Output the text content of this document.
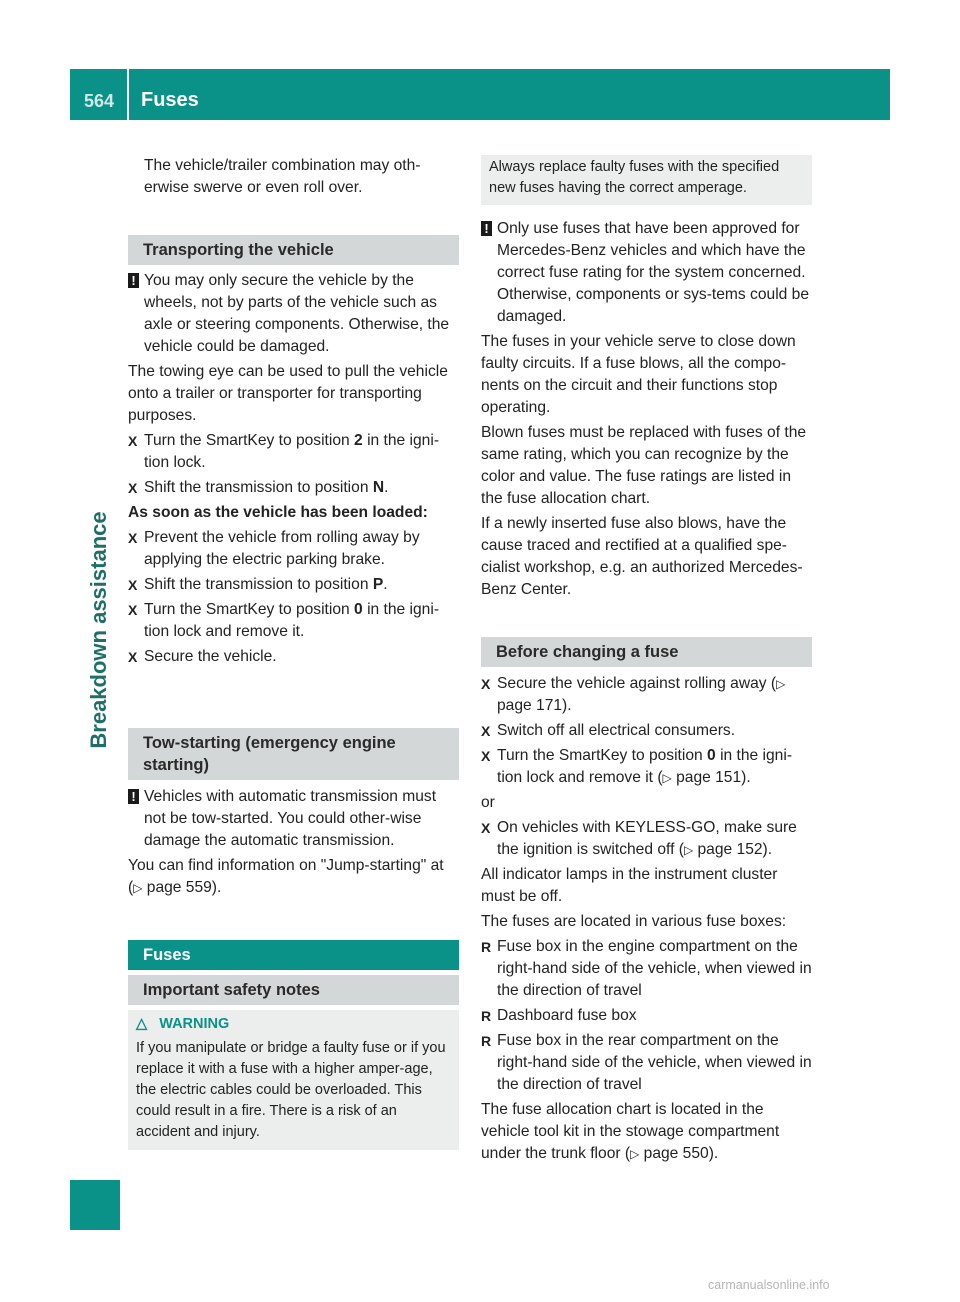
564 Fuses
Breakdown assistance

The vehicle/trailer combination may oth-erwise swerve or even roll over.

Transporting the vehicle
! You may only secure the vehicle by the wheels, not by parts of the vehicle such as axle or steering components. Otherwise, the vehicle could be damaged.

The towing eye can be used to pull the vehicle onto a trailer or transporter for transporting purposes.

X Turn the SmartKey to position 2 in the igni-tion lock.
X Shift the transmission to position N.

As soon as the vehicle has been loaded:

X Prevent the vehicle from rolling away by applying the electric parking brake.
X Shift the transmission to position P.
X Turn the SmartKey to position 0 in the igni-tion lock and remove it.
X Secure the vehicle.
Tow-starting (emergency engine starting)
! Vehicles with automatic transmission must not be tow-started. You could other-wise damage the automatic transmission.

You can find information on "Jump-starting" at (▷ page 559).

Fuses
Important safety notes
△ WARNING
If you manipulate or bridge a faulty fuse or if you replace it with a fuse with a higher amper-age, the electric cables could be overloaded. This could result in a fire. There is a risk of an accident and injury.
Always replace faulty fuses with the specified new fuses having the correct amperage.
! Only use fuses that have been approved for Mercedes-Benz vehicles and which have the correct fuse rating for the system concerned. Otherwise, components or sys-tems could be damaged.

The fuses in your vehicle serve to close down faulty circuits. If a fuse blows, all the compo-nents on the circuit and their functions stop operating.

Blown fuses must be replaced with fuses of the same rating, which you can recognize by the color and value. The fuse ratings are listed in the fuse allocation chart.

If a newly inserted fuse also blows, have the cause traced and rectified at a qualified spe-cialist workshop, e.g. an authorized Mercedes-Benz Center.

Before changing a fuse
X Secure the vehicle against rolling away (▷ page 171).
X Switch off all electrical consumers.
X Turn the SmartKey to position 0 in the igni-tion lock and remove it (▷ page 151).

or

X On vehicles with KEYLESS-GO, make sure the ignition is switched off (▷ page 152).

All indicator lamps in the instrument cluster must be off.

The fuses are located in various fuse boxes:

R Fuse box in the engine compartment on the right-hand side of the vehicle, when viewed in the direction of travel
R Dashboard fuse box
R Fuse box in the rear compartment on the right-hand side of the vehicle, when viewed in the direction of travel

The fuse allocation chart is located in the vehicle tool kit in the stowage compartment under the trunk floor (▷ page 550).

carmanualsonline.info
